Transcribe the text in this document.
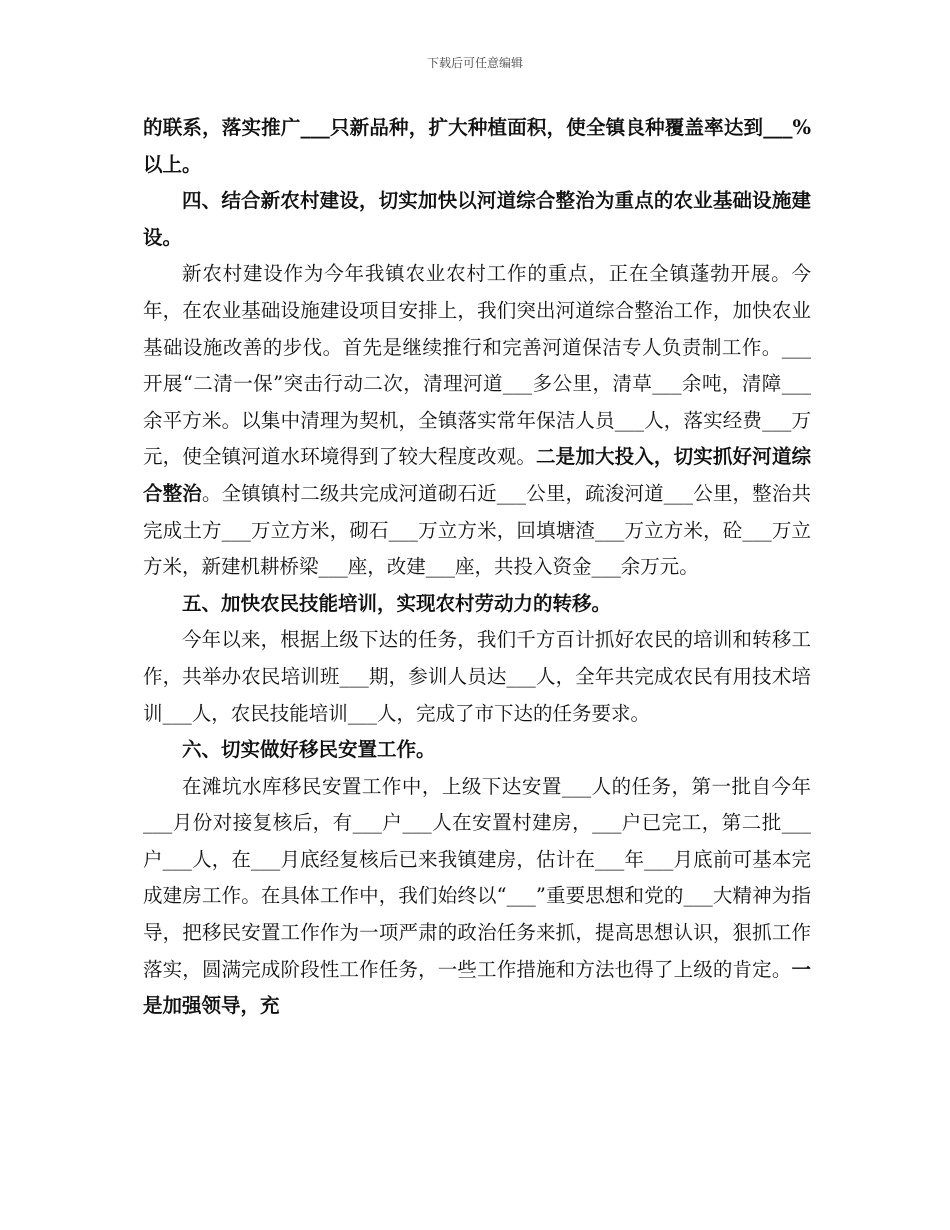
下载后可任意编辑

的联系，落实推广___只新品种，扩大种植面积，使全镇良种覆盖率达到___%以上。

四、结合新农村建设，切实加快以河道综合整治为重点的农业基础设施建设。

新农村建设作为今年我镇农业农村工作的重点，正在全镇蓬勃开展。今年，在农业基础设施建设项目安排上，我们突出河道综合整治工作，加快农业基础设施改善的步伐。首先是继续推行和完善河道保洁专人负责制工作。___开展“二清一保”突击行动二次，清理河道___多公里，清草___余吨，清障___余平方米。以集中清理为契机，全镇落实常年保洁人员___人，落实经费___万元，使全镇河道水环境得到了较大程度改观。二是加大投入，切实抓好河道综合整治。全镇镇村二级共完成河道砌石近___公里，疏浚河道___公里，整治共完成土方___万立方米，砌石___万立方米，回填塘渣___万立方米，砼___万立方米，新建机耕桥梁___座，改建___座，共投入资金___余万元。

五、加快农民技能培训，实现农村劳动力的转移。

今年以来，根据上级下达的任务，我们千方百计抓好农民的培训和转移工作，共举办农民培训班___期，参训人员达___人，全年共完成农民有用技术培训___人，农民技能培训___人，完成了市下达的任务要求。

六、切实做好移民安置工作。

在滩坑水库移民安置工作中，上级下达安置___人的任务，第一批自今年___月份对接复核后，有___户___人在安置村建房，___户已完工，第二批___户___人，在___月底经复核后已来我镇建房，估计在___年___月底前可基本完成建房工作。在具体工作中，我们始终以“___”重要思想和党的___大精神为指导，把移民安置工作作为一项严肃的政治任务来抓，提高思想认识，狠抓工作落实，圆满完成阶段性工作任务，一些工作措施和方法也得了上级的肯定。一是加强领导，充
